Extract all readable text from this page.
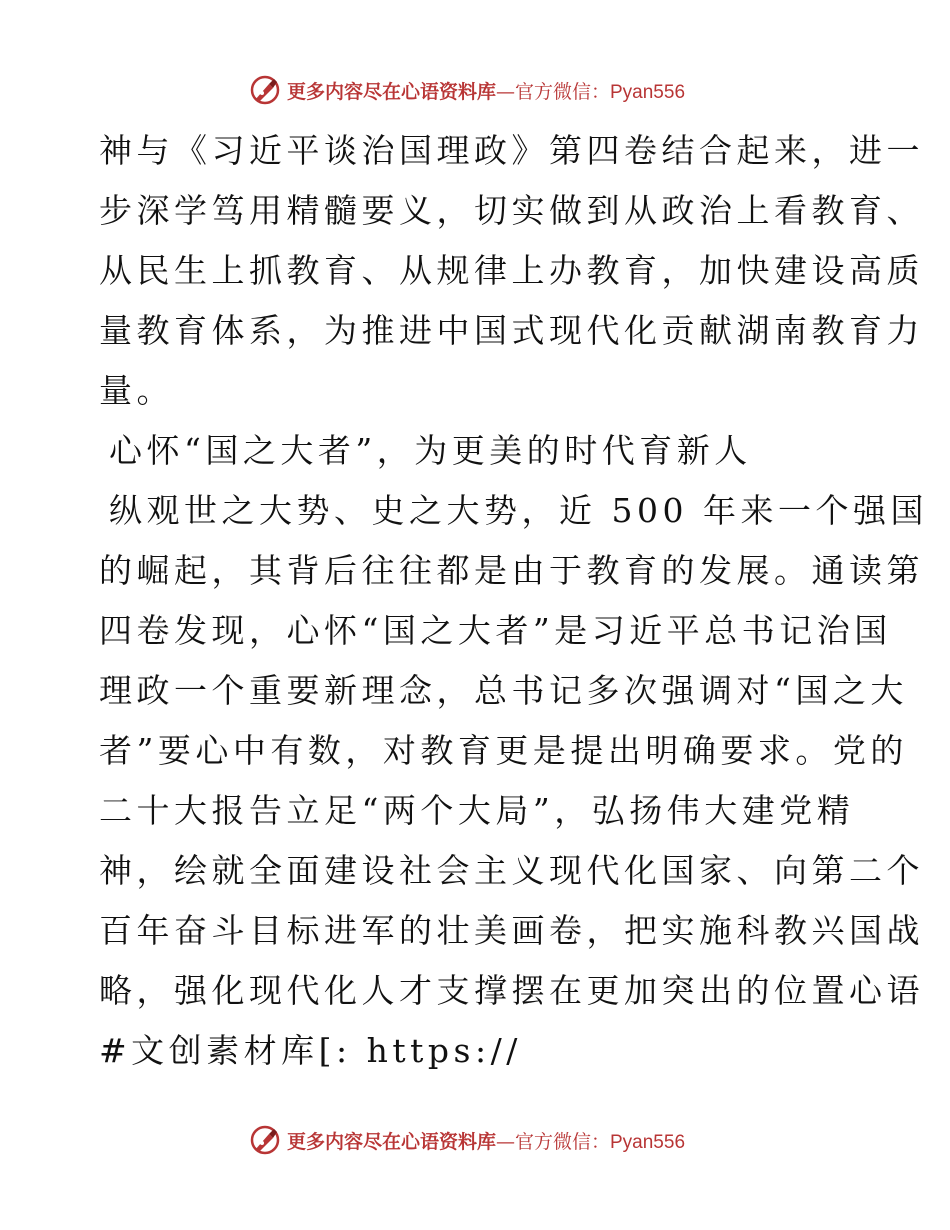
更多内容尽在心语资料库—官方微信：Pyan556
神与《习近平谈治国理政》第四卷结合起来，进一
步深学笃用精髓要义，切实做到从政治上看教育、
从民生上抓教育、从规律上办教育，加快建设高质
量教育体系，为推进中国式现代化贡献湖南教育力
量。
心怀“国之大者”，为更美的时代育新人
纵观世之大势、史之大势，近 500 年来一个强国
的崛起，其背后往往都是由于教育的发展。通读第
四卷发现，心怀“国之大者”是习近平总书记治国
理政一个重要新理念，总书记多次强调对“国之大
者”要心中有数，对教育更是提出明确要求。党的
二十大报告立足“两个大局”，弘扬伟大建党精
神，绘就全面建设社会主义现代化国家、向第二个
百年奋斗目标进军的壮美画卷，把实施科教兴国战
略，强化现代化人才支撑摆在更加突出的位置心语
#文创素材库[: https://
更多内容尽在心语资料库—官方微信：Pyan556
